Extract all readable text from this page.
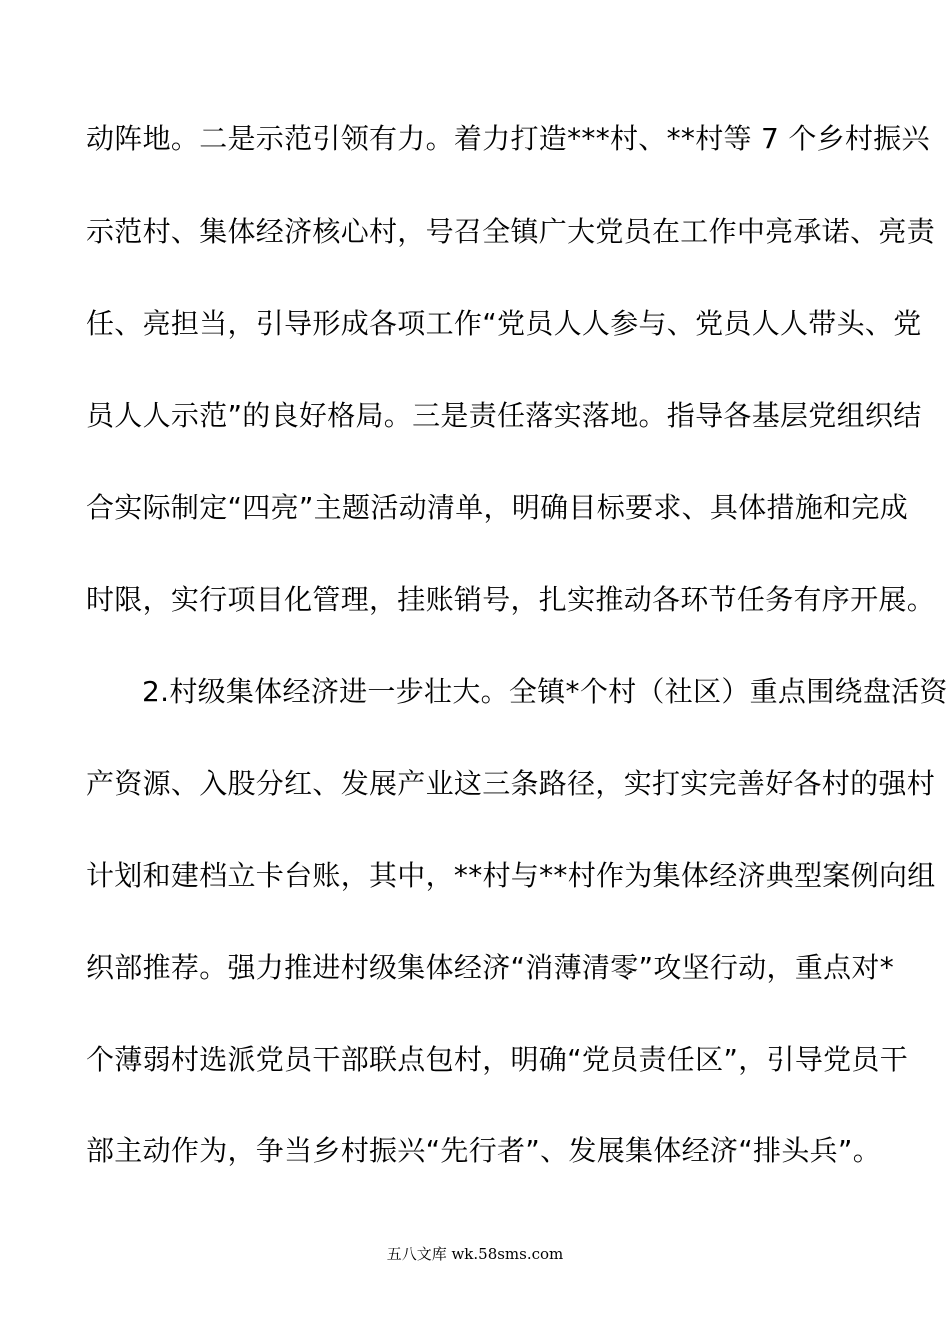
动阵地。二是示范引领有力。着力打造***村、**村等 7 个乡村振兴
示范村、集体经济核心村，号召全镇广大党员在工作中亮承诺、亮责
任、亮担当，引导形成各项工作“党员人人参与、党员人人带头、党
员人人示范”的良好格局。三是责任落实落地。指导各基层党组织结
合实际制定“四亮”主题活动清单，明确目标要求、具体措施和完成
时限，实行项目化管理，挂账销号，扎实推动各环节任务有序开展。
2.村级集体经济进一步壮大。全镇*个村（社区）重点围绕盘活资
产资源、入股分红、发展产业这三条路径，实打实完善好各村的强村
计划和建档立卡台账，其中，**村与**村作为集体经济典型案例向组
织部推荐。强力推进村级集体经济“消薄清零”攻坚行动，重点对*
个薄弱村选派党员干部联点包村，明确“党员责任区”，引导党员干
部主动作为，争当乡村振兴“先行者”、发展集体经济“排头兵”。
五八文库 wk.58sms.com
